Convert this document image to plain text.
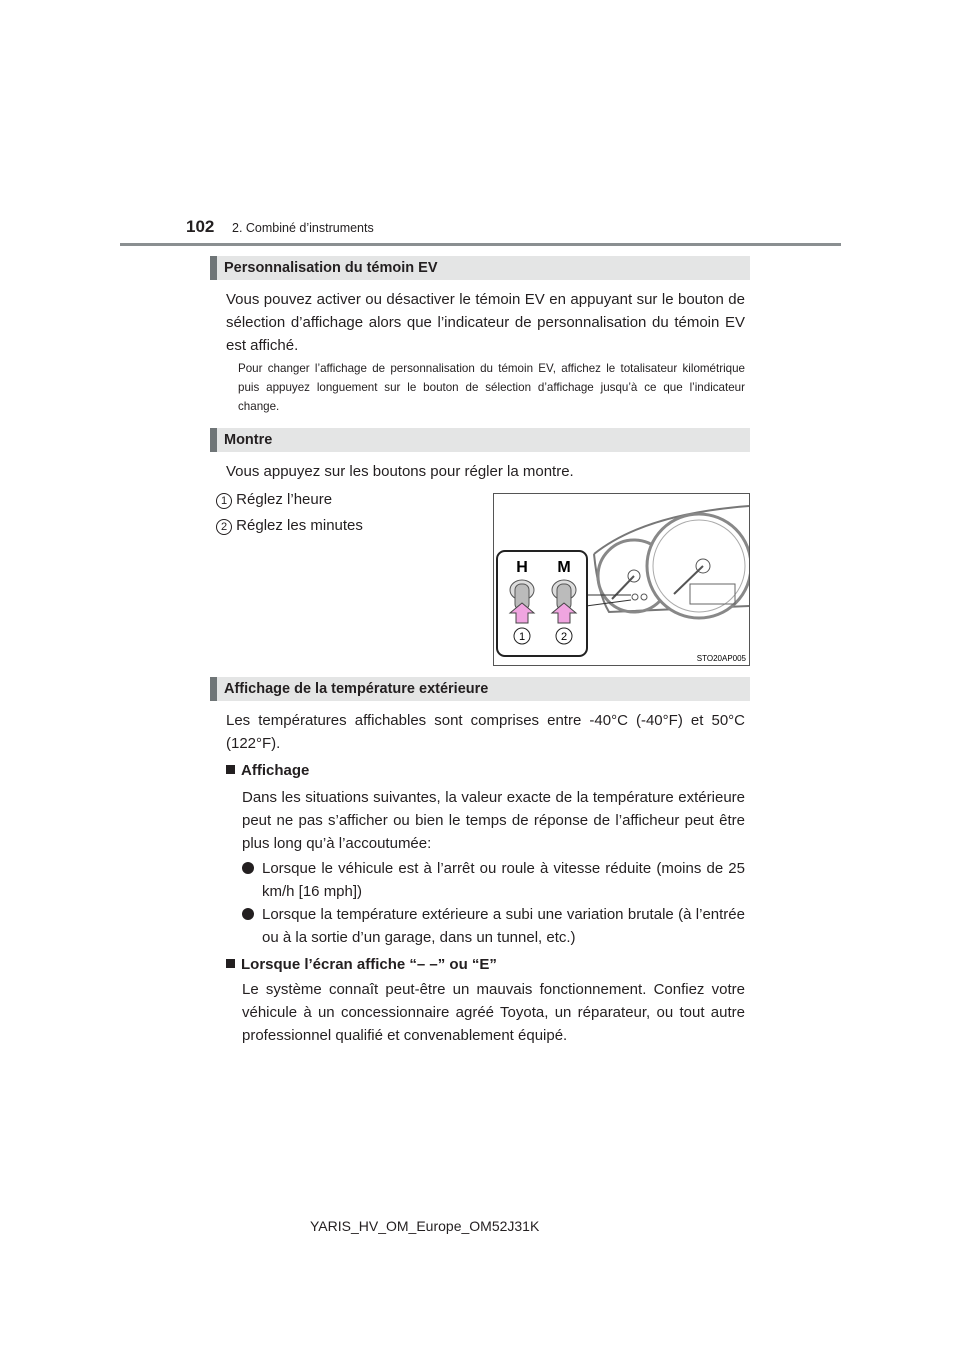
102 2. Combiné d’instruments
Personnalisation du témoin EV
Vous pouvez activer ou désactiver le témoin EV en appuyant sur le bouton de sélection d’affichage alors que l’indicateur de personnalisation du témoin EV est affiché.
Pour changer l’affichage de personnalisation du témoin EV, affichez le totalisateur kilométrique puis appuyez longuement sur le bouton de sélection d’affichage jusqu’à ce que l’indicateur change.
Montre
Vous appuyez sur les boutons pour régler la montre.
1 Réglez l’heure
2 Réglez les minutes
H M
1	2
STO20AP005
Affichage de la température extérieure
Les températures affichables sont comprises entre -40°C (-40°F) et 50°C (122°F).
Affichage
Dans les situations suivantes, la valeur exacte de la température extérieure peut ne pas s’afficher ou bien le temps de réponse de l’afficheur peut être plus long qu’à l’accoutumée:
Lorsque le véhicule est à l’arrêt ou roule à vitesse réduite (moins de 25 km/h [16 mph])
Lorsque la température extérieure a subi une variation brutale (à l’entrée ou à la sortie d’un garage, dans un tunnel, etc.)
Lorsque l’écran affiche “– –” ou “E”
Le système connaît peut-être un mauvais fonctionnement. Confiez votre véhicule à un concessionnaire agréé Toyota, un réparateur, ou tout autre professionnel qualifié et convenablement équipé.
YARIS_HV_OM_Europe_OM52J31K
